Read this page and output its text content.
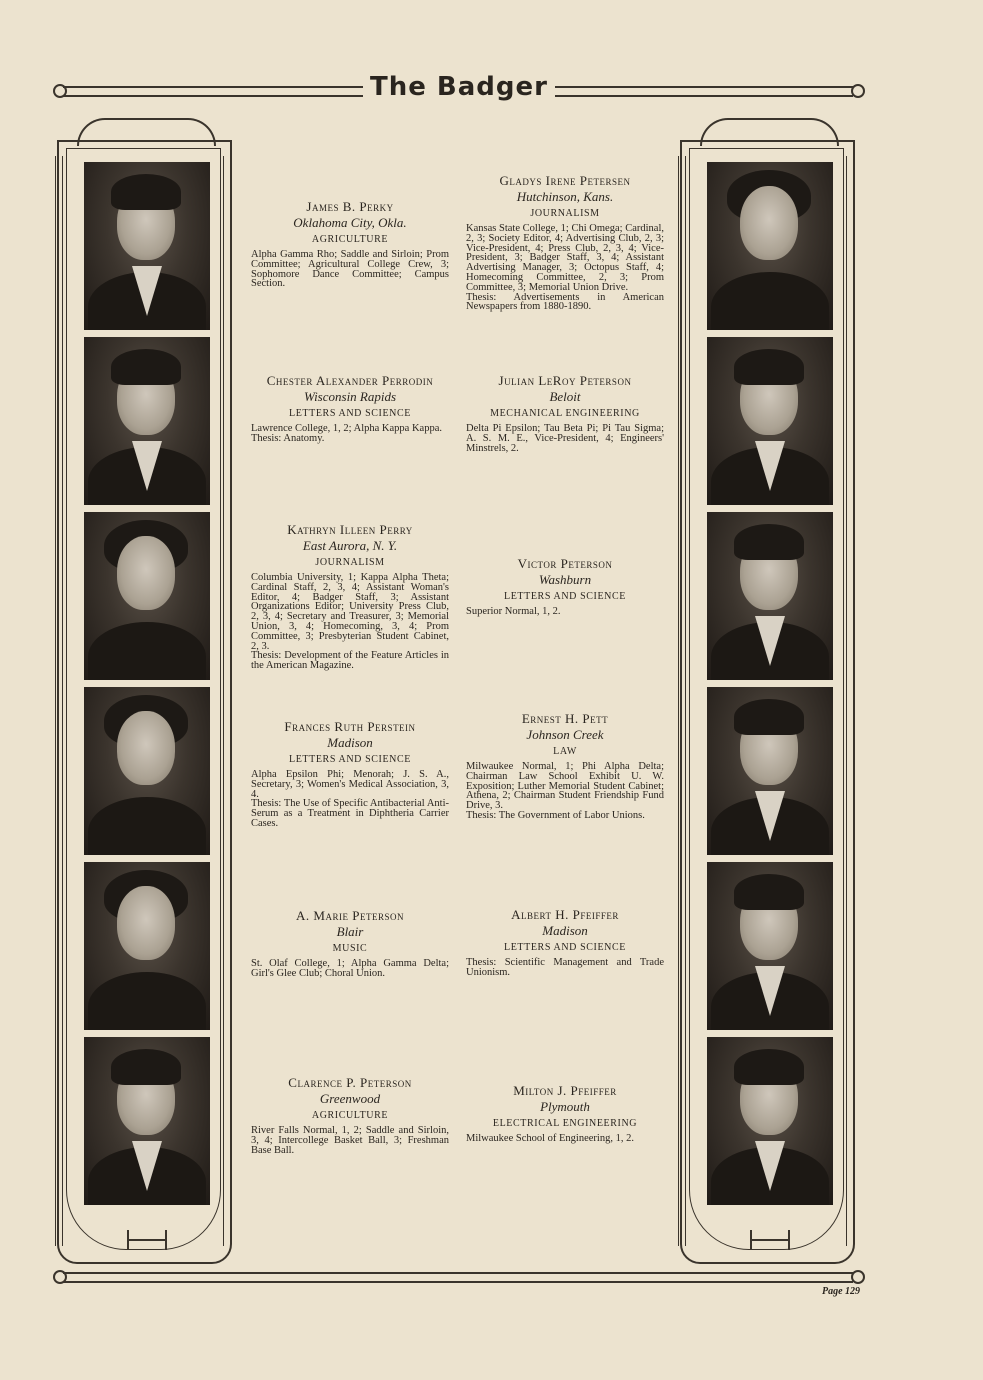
The Badger
James B. Perky
Oklahoma City, Okla.
AGRICULTURE

Alpha Gamma Rho; Saddle and Sirloin; Prom Committee; Agricultural College Crew, 3; Sophomore Dance Committee; Campus Section.

Chester Alexander Perrodin
Wisconsin Rapids
LETTERS AND SCIENCE

Lawrence College, 1, 2; Alpha Kappa Kappa.

Thesis: Anatomy.

Kathryn Illeen Perry
East Aurora, N. Y.
JOURNALISM

Columbia University, 1; Kappa Alpha Theta; Cardinal Staff, 2, 3, 4; Assistant Woman's Editor, 4; Badger Staff, 3; Assistant Organizations Editor; University Press Club, 2, 3, 4; Secretary and Treasurer, 3; Memorial Union, 3, 4; Homecoming, 3, 4; Prom Committee, 3; Presbyterian Student Cabinet, 2, 3.

Thesis: Development of the Feature Articles in the American Magazine.

Frances Ruth Perstein
Madison
LETTERS AND SCIENCE

Alpha Epsilon Phi; Menorah; J. S. A., Secretary, 3; Women's Medical Association, 3, 4.

Thesis: The Use of Specific Antibacterial Anti-Serum as a Treatment in Diphtheria Carrier Cases.

A. Marie Peterson
Blair
MUSIC

St. Olaf College, 1; Alpha Gamma Delta; Girl's Glee Club; Choral Union.

Clarence P. Peterson
Greenwood
AGRICULTURE

River Falls Normal, 1, 2; Saddle and Sirloin, 3, 4; Intercollege Basket Ball, 3; Freshman Base Ball.

Gladys Irene Petersen
Hutchinson, Kans.
JOURNALISM

Kansas State College, 1; Chi Omega; Cardinal, 2, 3; Society Editor, 4; Advertising Club, 2, 3; Vice-President, 4; Press Club, 2, 3, 4; Vice-President, 3; Badger Staff, 3, 4; Assistant Advertising Manager, 3; Octopus Staff, 4; Homecoming Committee, 2, 3; Prom Committee, 3; Memorial Union Drive.

Thesis: Advertisements in American Newspapers from 1880-1890.

Julian LeRoy Peterson
Beloit
MECHANICAL ENGINEERING

Delta Pi Epsilon; Tau Beta Pi; Pi Tau Sigma; A. S. M. E., Vice-President, 4; Engineers' Minstrels, 2.

Victor Peterson
Washburn
LETTERS AND SCIENCE

Superior Normal, 1, 2.

Ernest H. Pett
Johnson Creek
LAW

Milwaukee Normal, 1; Phi Alpha Delta; Chairman Law School Exhibit U. W. Exposition; Luther Memorial Student Cabinet; Athena, 2; Chairman Student Friendship Fund Drive, 3.

Thesis: The Government of Labor Unions.

Albert H. Pfeiffer
Madison
LETTERS AND SCIENCE

Thesis: Scientific Management and Trade Unionism.

Milton J. Pfeiffer
Plymouth
ELECTRICAL ENGINEERING

Milwaukee School of Engineering, 1, 2.

Page 129
